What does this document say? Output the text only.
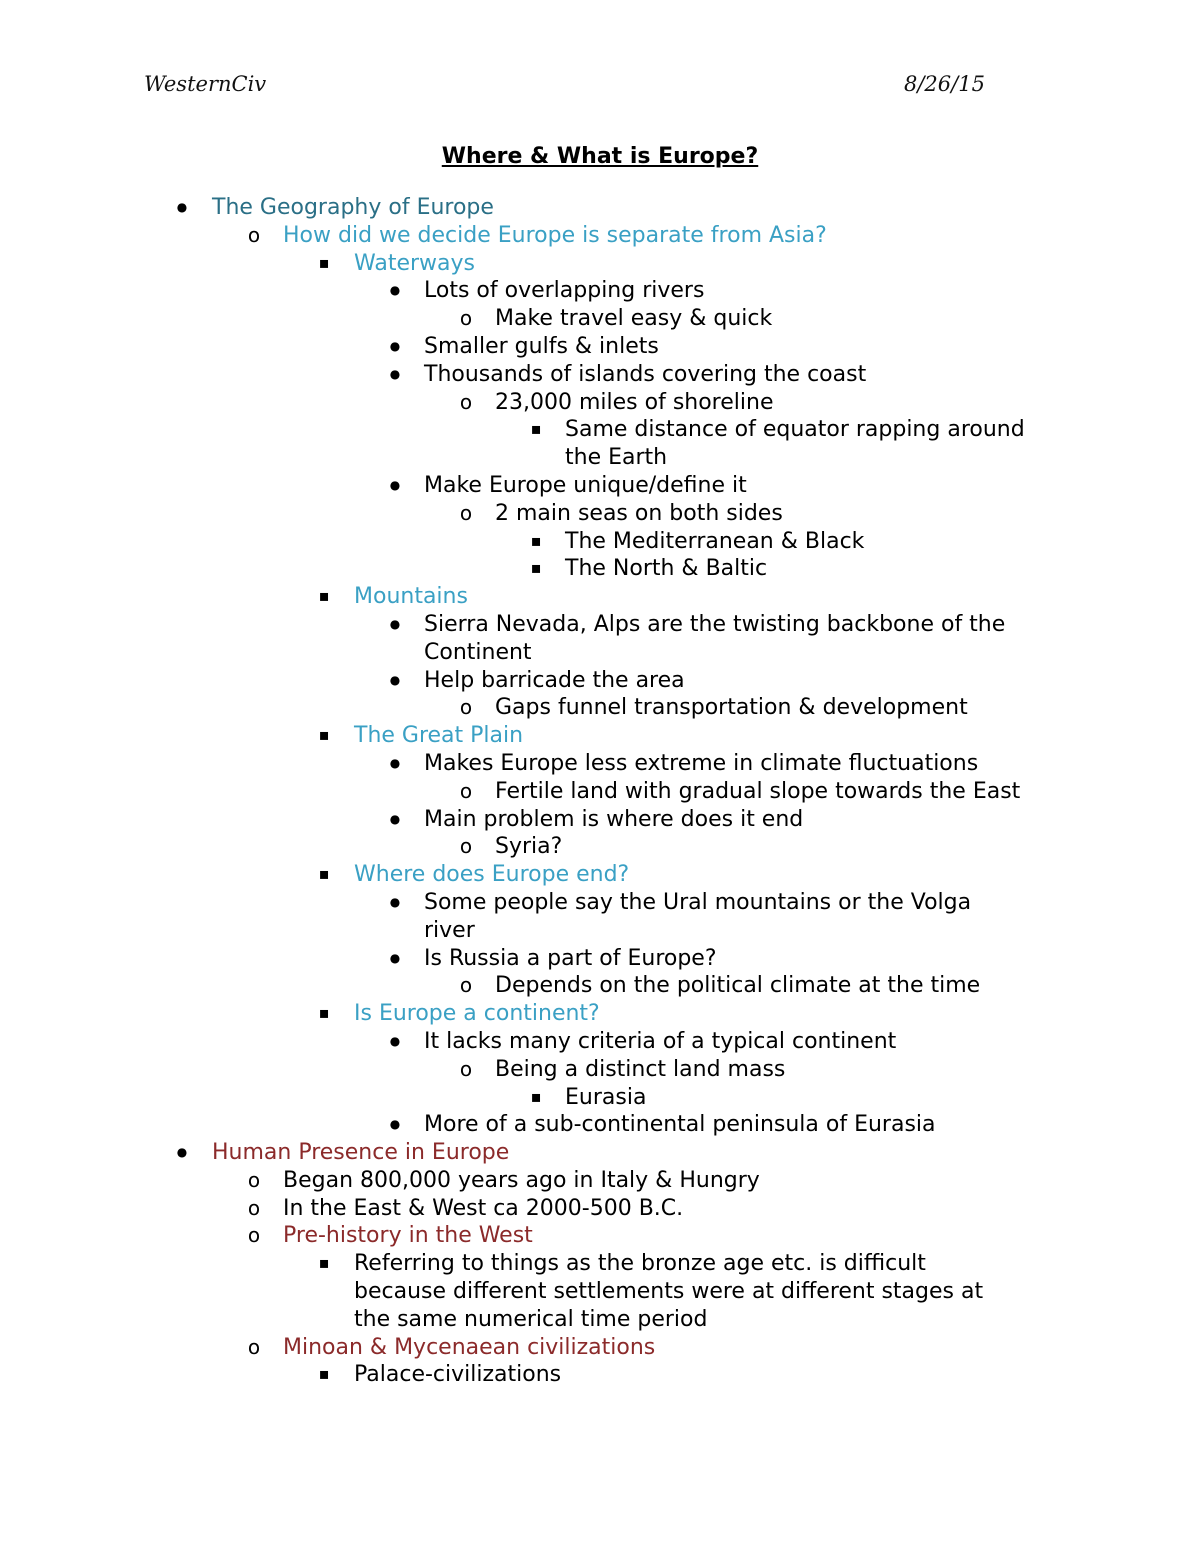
WesternCiv	8/26/15
Where & What is Europe?
●
The Geography of Europe

o
How did we decide Europe is separate from Asia?

▪
Waterways

●
Lots of overlapping rivers

o
Make travel easy & quick

●
Smaller gulfs & inlets

●
Thousands of islands covering the coast

o
23,000 miles of shoreline

▪
Same distance of equator rapping around

the Earth

●
Make Europe unique/define it

o
2 main seas on both sides

▪
The Mediterranean & Black

▪
The North & Baltic

▪
Mountains

●
Sierra Nevada, Alps are the twisting backbone of the

Continent

●
Help barricade the area

o
Gaps funnel transportation & development

▪
The Great Plain

●
Makes Europe less extreme in climate fluctuations

o
Fertile land with gradual slope towards the East

●
Main problem is where does it end

o
Syria?

▪
Where does Europe end?

●
Some people say the Ural mountains or the Volga

river

●
Is Russia a part of Europe?

o
Depends on the political climate at the time

▪
Is Europe a continent?

●
It lacks many criteria of a typical continent

o
Being a distinct land mass

▪
Eurasia

●
More of a sub-continental peninsula of Eurasia

●
Human Presence in Europe

o
Began 800,000 years ago in Italy & Hungry

o
In the East & West ca 2000-500 B.C.

o
Pre-history in the West

▪
Referring to things as the bronze age etc. is difficult

because different settlements were at different stages at

the same numerical time period

o
Minoan & Mycenaean civilizations

▪
Palace-civilizations
